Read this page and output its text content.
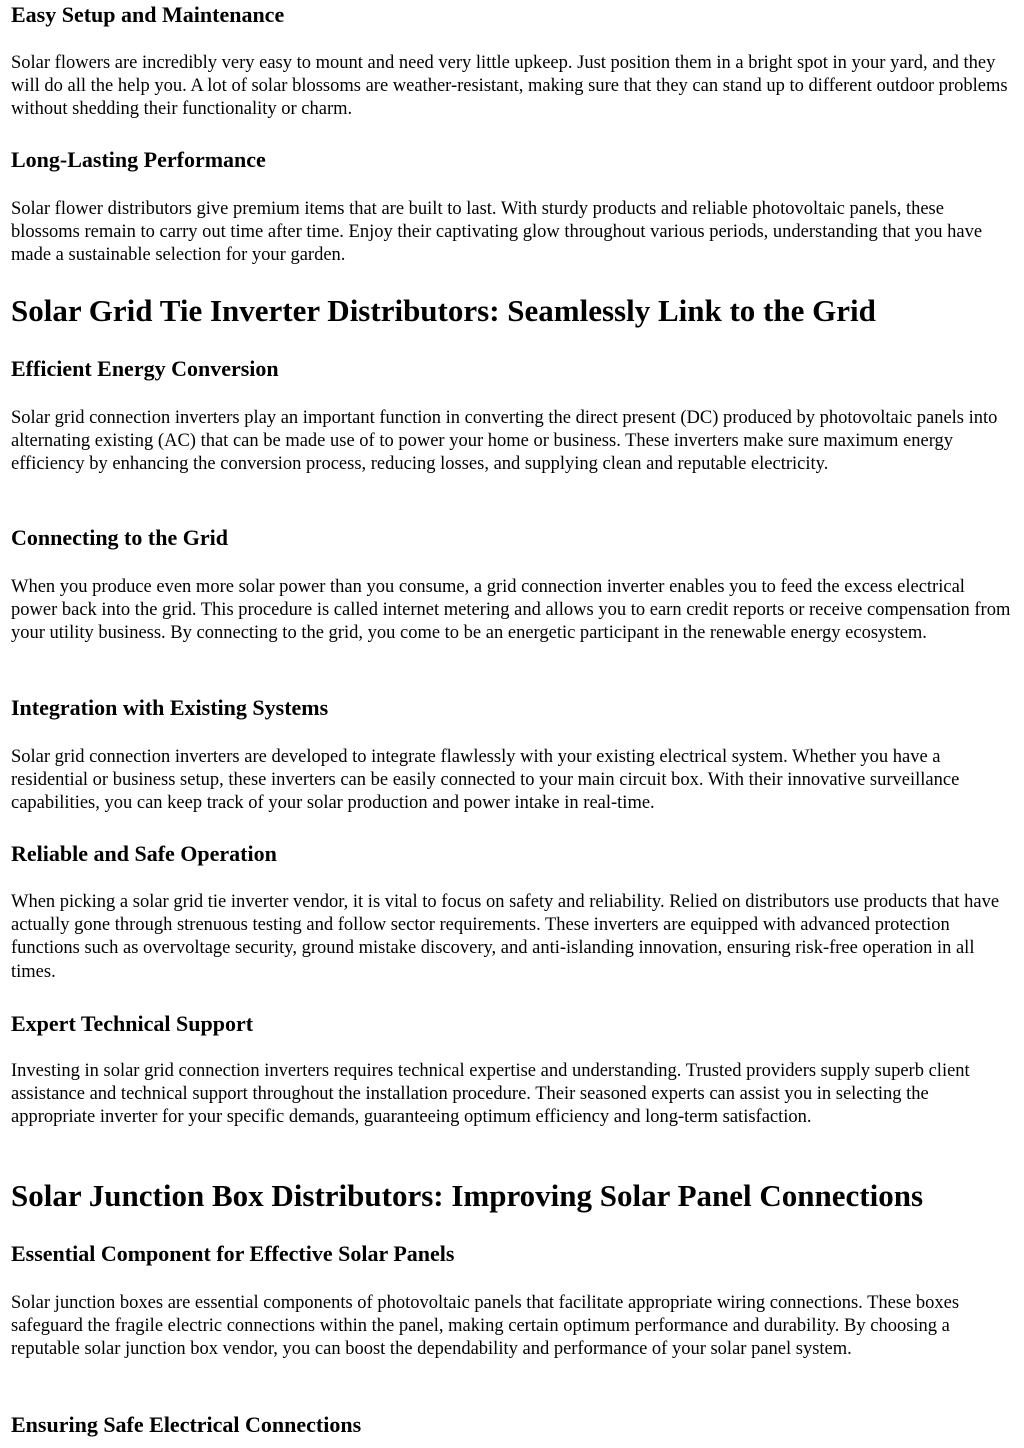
Easy Setup and Maintenance

Solar flowers are incredibly very easy to mount and need very little upkeep. Just position them in a bright spot in your yard, and they will do all the help you. A lot of solar blossoms are weather-resistant, making sure that they can stand up to different outdoor problems without shedding their functionality or charm.

Long-Lasting Performance

Solar flower distributors give premium items that are built to last. With sturdy products and reliable photovoltaic panels, these blossoms remain to carry out time after time. Enjoy their captivating glow throughout various periods, understanding that you have made a sustainable selection for your garden.

Solar Grid Tie Inverter Distributors: Seamlessly Link to the Grid
Efficient Energy Conversion

Solar grid connection inverters play an important function in converting the direct present (DC) produced by photovoltaic panels into alternating existing (AC) that can be made use of to power your home or business. These inverters make sure maximum energy efficiency by enhancing the conversion process, reducing losses, and supplying clean and reputable electricity.

Connecting to the Grid

When you produce even more solar power than you consume, a grid connection inverter enables you to feed the excess electrical power back into the grid. This procedure is called internet metering and allows you to earn credit reports or receive compensation from your utility business. By connecting to the grid, you come to be an energetic participant in the renewable energy ecosystem.

Integration with Existing Systems

Solar grid connection inverters are developed to integrate flawlessly with your existing electrical system. Whether you have a residential or business setup, these inverters can be easily connected to your main circuit box. With their innovative surveillance capabilities, you can keep track of your solar production and power intake in real-time.

Reliable and Safe Operation

When picking a solar grid tie inverter vendor, it is vital to focus on safety and reliability. Relied on distributors use products that have actually gone through strenuous testing and follow sector requirements. These inverters are equipped with advanced protection functions such as overvoltage security, ground mistake discovery, and anti-islanding innovation, ensuring risk-free operation in all times.

Expert Technical Support

Investing in solar grid connection inverters requires technical expertise and understanding. Trusted providers supply superb client assistance and technical support throughout the installation procedure. Their seasoned experts can assist you in selecting the appropriate inverter for your specific demands, guaranteeing optimum efficiency and long-term satisfaction.

Solar Junction Box Distributors: Improving Solar Panel Connections
Essential Component for Effective Solar Panels

Solar junction boxes are essential components of photovoltaic panels that facilitate appropriate wiring connections. These boxes safeguard the fragile electric connections within the panel, making certain optimum performance and durability. By choosing a reputable solar junction box vendor, you can boost the dependability and performance of your solar panel system.

Ensuring Safe Electrical Connections
